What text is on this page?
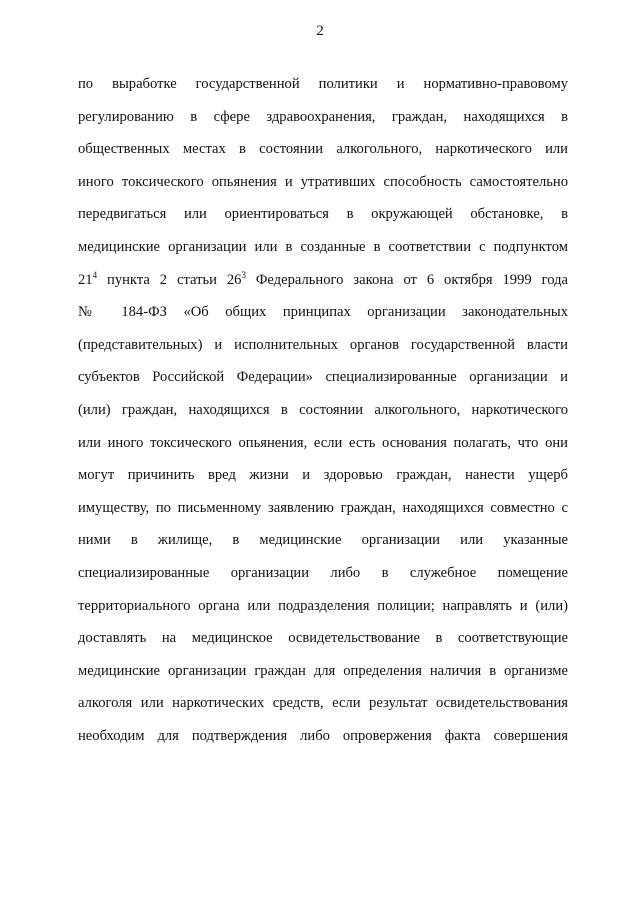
2
по выработке государственной политики и нормативно-правовому
регулированию в сфере здравоохранения, граждан, находящихся в
общественных местах в состоянии алкогольного, наркотического или
иного токсического опьянения и утративших способность самостоятельно
передвигаться или ориентироваться в окружающей обстановке, в
медицинские организации или в созданные в соответствии с подпунктом
$21^4$ пункта 2 статьи $26^3$ Федерального закона от 6 октября 1999 года
№ 184-ФЗ «Об общих принципах организации законодательных
(представительных) и исполнительных органов государственной власти
субъектов Российской Федерации» специализированные организации и
(или) граждан, находящихся в состоянии алкогольного, наркотического
или иного токсического опьянения, если есть основания полагать, что они
могут причинить вред жизни и здоровью граждан, нанести ущерб
имуществу, по письменному заявлению граждан, находящихся совместно с
ними в жилище, в медицинские организации или указанные
специализированные организации либо в служебное помещение
территориального органа или подразделения полиции; направлять и (или)
доставлять на медицинское освидетельствование в соответствующие
медицинские организации граждан для определения наличия в организме
алкоголя или наркотических средств, если результат освидетельствования
необходим для подтверждения либо опровержения факта совершения
